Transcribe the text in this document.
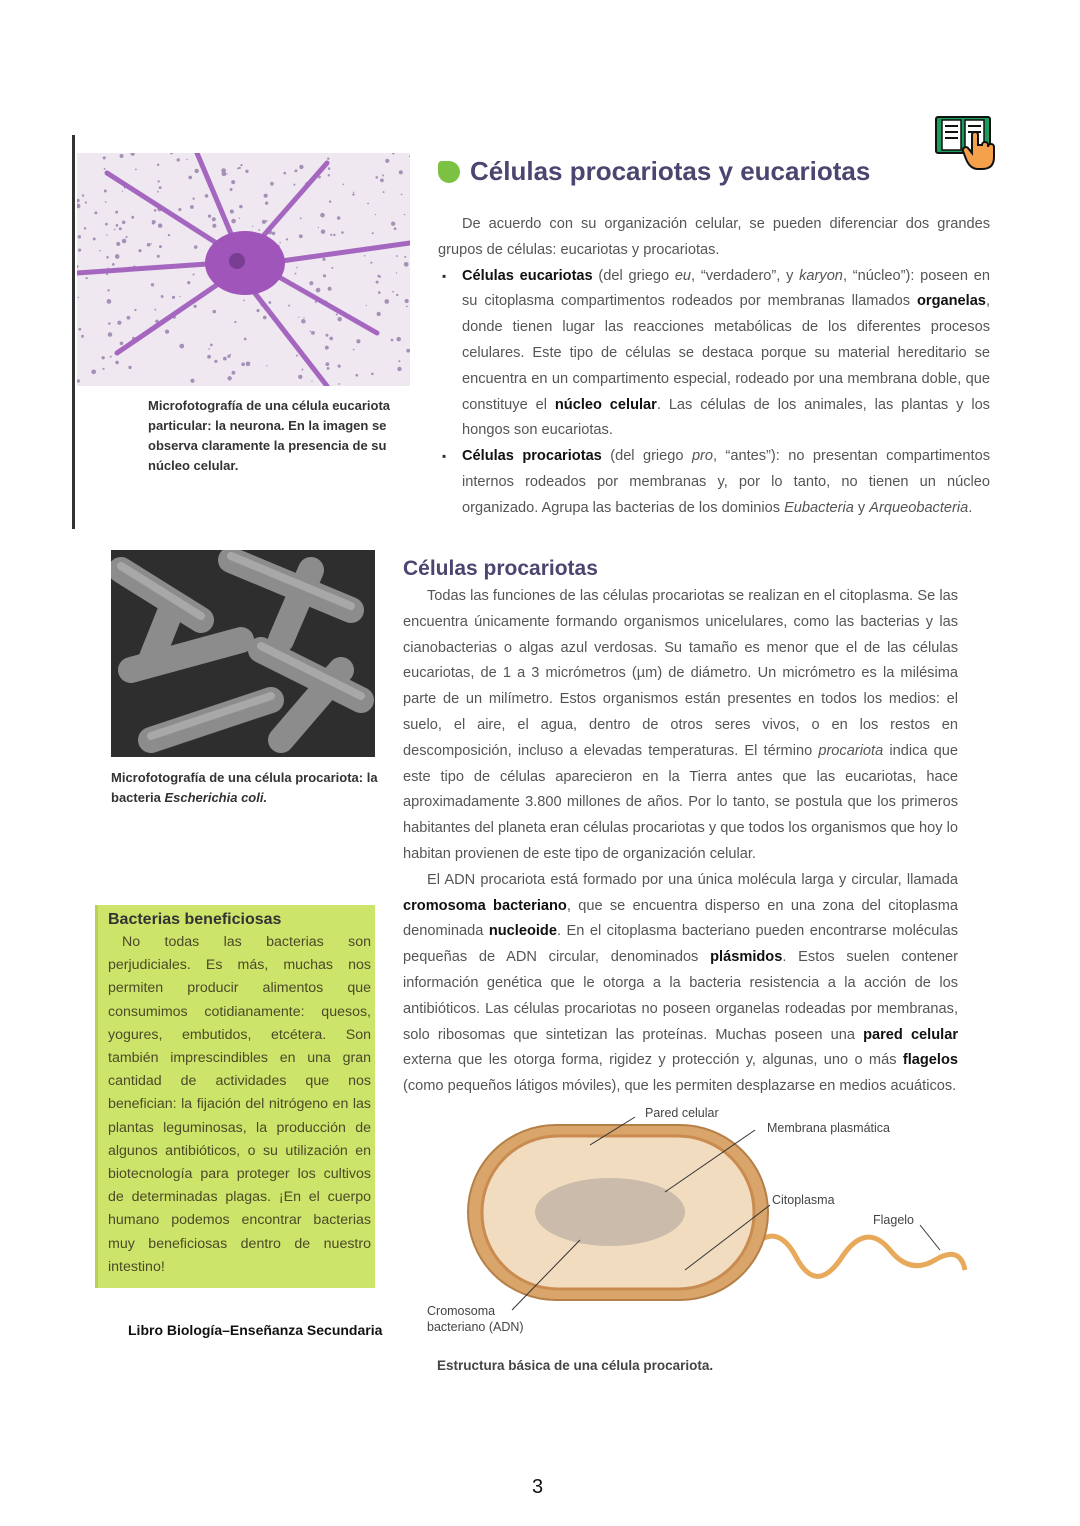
Microfotografía de una célula eucariota particular: la neurona. En la imagen se observa claramente la presencia de su núcleo celular.
Células procariotas y eucariotas
De acuerdo con su organización celular, se pueden diferenciar dos grandes grupos de células: eucariotas y procariotas.
▪ Células eucariotas (del griego eu, “verdadero”, y karyon, “núcleo”): poseen en su citoplasma compartimentos rodeados por membranas llamados organelas, donde tienen lugar las reacciones metabólicas de los diferentes procesos celulares. Este tipo de células se destaca porque su material hereditario se encuentra en un compartimento especial, rodeado por una membrana doble, que constituye el núcleo celular. Las células de los animales, las plantas y los hongos son eucariotas.
▪ Células procariotas (del griego pro, “antes”): no presentan compartimentos internos rodeados por membranas y, por lo tanto, no tienen un núcleo organizado. Agrupa las bacterias de los dominios Eubacteria y Arqueobacteria.
Microfotografía de una célula procariota: la bacteria Escherichia coli.
Células procariotas
Todas las funciones de las células procariotas se realizan en el citoplasma. Se las encuentra únicamente formando organismos unicelulares, como las bacterias y las cianobacterias o algas azul verdosas. Su tamaño es menor que el de las células eucariotas, de 1 a 3 micrómetros (µm) de diámetro. Un micrómetro es la milésima parte de un milímetro. Estos organismos están presentes en todos los medios: el suelo, el aire, el agua, dentro de otros seres vivos, o en los restos en descomposición, incluso a elevadas temperaturas. El término procariota indica que este tipo de células aparecieron en la Tierra antes que las eucariotas, hace aproximadamente 3.800 millones de años. Por lo tanto, se postula que los primeros habitantes del planeta eran células procariotas y que todos los organismos que hoy lo habitan provienen de este tipo de organización celular.
El ADN procariota está formado por una única molécula larga y circular, llamada cromosoma bacteriano, que se encuentra disperso en una zona del citoplasma denominada nucleoide. En el citoplasma bacteriano pueden encontrarse moléculas pequeñas de ADN circular, denominados plásmidos. Estos suelen contener información genética que le otorga a la bacteria resistencia a la acción de los antibióticos. Las células procariotas no poseen organelas rodeadas por membranas, solo ribosomas que sintetizan las proteínas. Muchas poseen una pared celular externa que les otorga forma, rigidez y protección y, algunas, uno o más flagelos (como pequeños látigos móviles), que les permiten desplazarse en medios acuáticos.
Bacterias beneficiosas
No todas las bacterias son perjudiciales. Es más, muchas nos permiten producir alimentos que consumimos cotidianamente: quesos, yogures, embutidos, etcétera. Son también imprescindibles en una gran cantidad de actividades que nos benefician: la fijación del nitrógeno en las plantas leguminosas, la producción de algunos antibióticos, o su utilización en biotecnología para proteger los cultivos de determinadas plagas. ¡En el cuerpo humano podemos encontrar bacterias muy beneficiosas dentro de nuestro intestino!
Libro Biología–Enseñanza Secundaria
Pared celular
Membrana plasmática
Citoplasma
Flagelo
Cromosoma
bacteriano (ADN)
Estructura básica de una célula procariota.
3
